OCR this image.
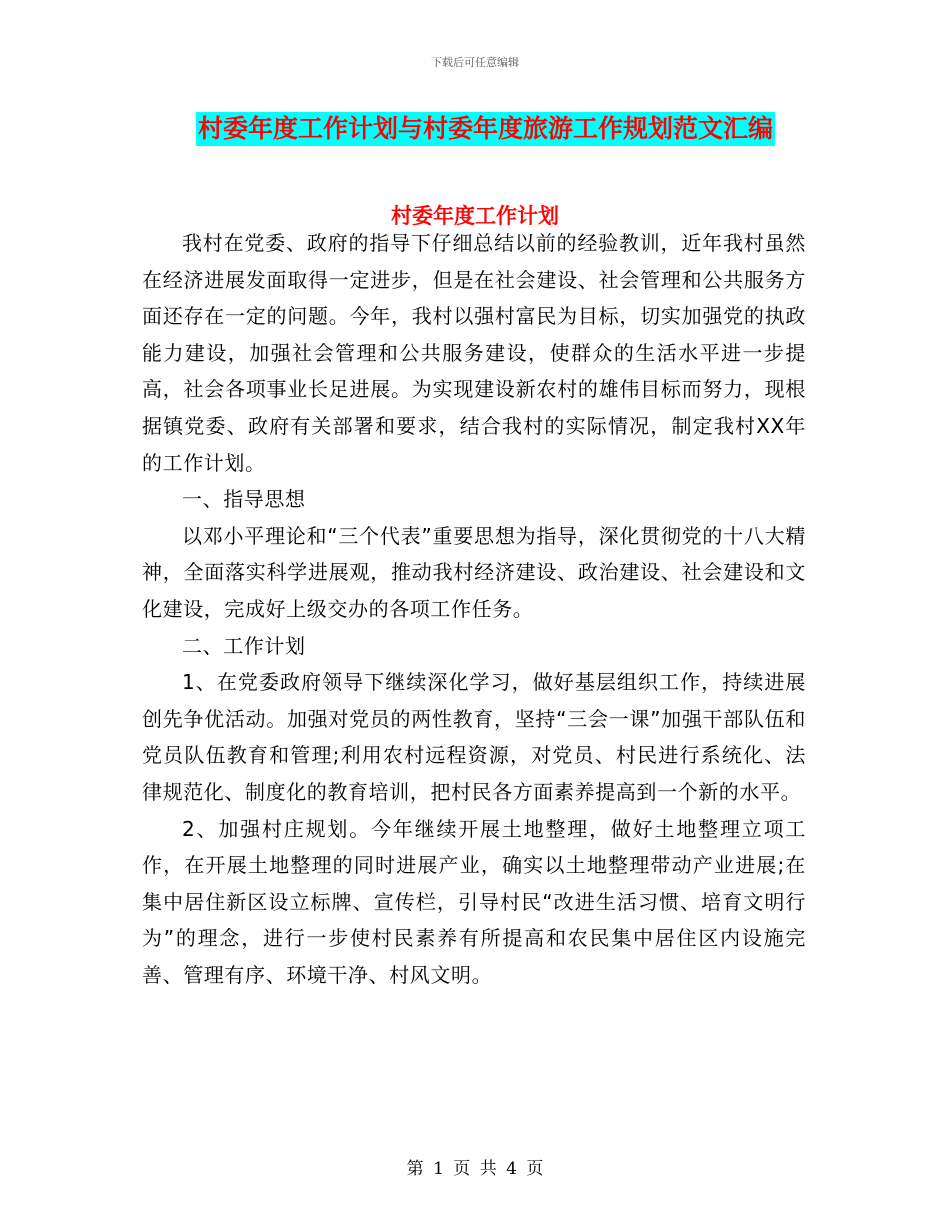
下载后可任意编辑
村委年度工作计划与村委年度旅游工作规划范文汇编
村委年度工作计划

我村在党委、政府的指导下仔细总结以前的经验教训，近年我村虽然在经济进展发面取得一定进步，但是在社会建设、社会管理和公共服务方面还存在一定的问题。今年，我村以强村富民为目标，切实加强党的执政能力建设，加强社会管理和公共服务建设，使群众的生活水平进一步提高，社会各项事业长足进展。为实现建设新农村的雄伟目标而努力，现根据镇党委、政府有关部署和要求，结合我村的实际情况，制定我村XX年的工作计划。

一、指导思想

以邓小平理论和“三个代表”重要思想为指导，深化贯彻党的十八大精神，全面落实科学进展观，推动我村经济建设、政治建设、社会建设和文化建设，完成好上级交办的各项工作任务。

二、工作计划

1、在党委政府领导下继续深化学习，做好基层组织工作，持续进展创先争优活动。加强对党员的两性教育，坚持“三会一课”加强干部队伍和党员队伍教育和管理;利用农村远程资源，对党员、村民进行系统化、法律规范化、制度化的教育培训，把村民各方面素养提高到一个新的水平。

2、加强村庄规划。今年继续开展土地整理，做好土地整理立项工作，在开展土地整理的同时进展产业，确实以土地整理带动产业进展;在集中居住新区设立标牌、宣传栏，引导村民“改进生活习惯、培育文明行为”的理念，进行一步使村民素养有所提高和农民集中居住区内设施完善、管理有序、环境干净、村风文明。

第 1 页 共 4 页
